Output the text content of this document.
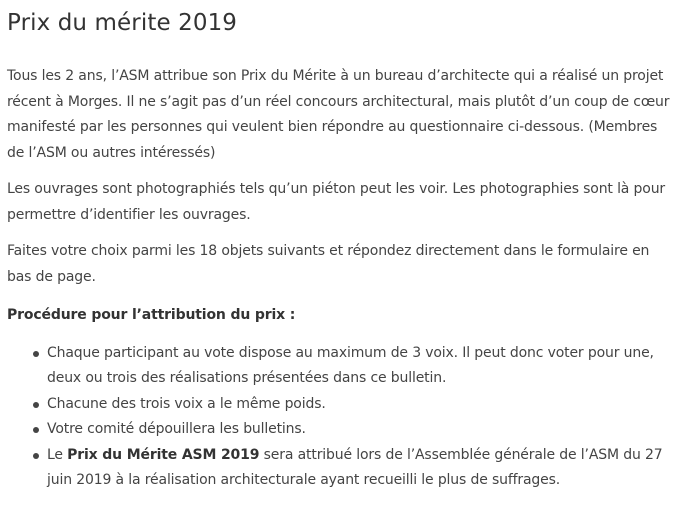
Prix du mérite 2019

Tous les 2 ans, l’ASM attribue son Prix du Mérite à un bureau d’architecte qui a réalisé un projet récent à Morges. Il ne s’agit pas d’un réel concours architectural, mais plutôt d’un coup de cœur manifesté par les personnes qui veulent bien répondre au questionnaire ci-dessous. (Membres de l’ASM ou autres intéressés)

Les ouvrages sont photographiés tels qu’un piéton peut les voir. Les photographies sont là pour permettre d’identifier les ouvrages.

Faites votre choix parmi les 18 objets suivants et répondez directement dans le formulaire en bas de page.

Procédure pour l’attribution du prix :

Chaque participant au vote dispose au maximum de 3 voix. Il peut donc voter pour une, deux ou trois des réalisations présentées dans ce bulletin.
Chacune des trois voix a le même poids.
Votre comité dépouillera les bulletins.
Le Prix du Mérite ASM 2019 sera attribué lors de l’Assemblée générale de l’ASM du 27 juin 2019 à la réalisation architecturale ayant recueilli le plus de suffrages.
